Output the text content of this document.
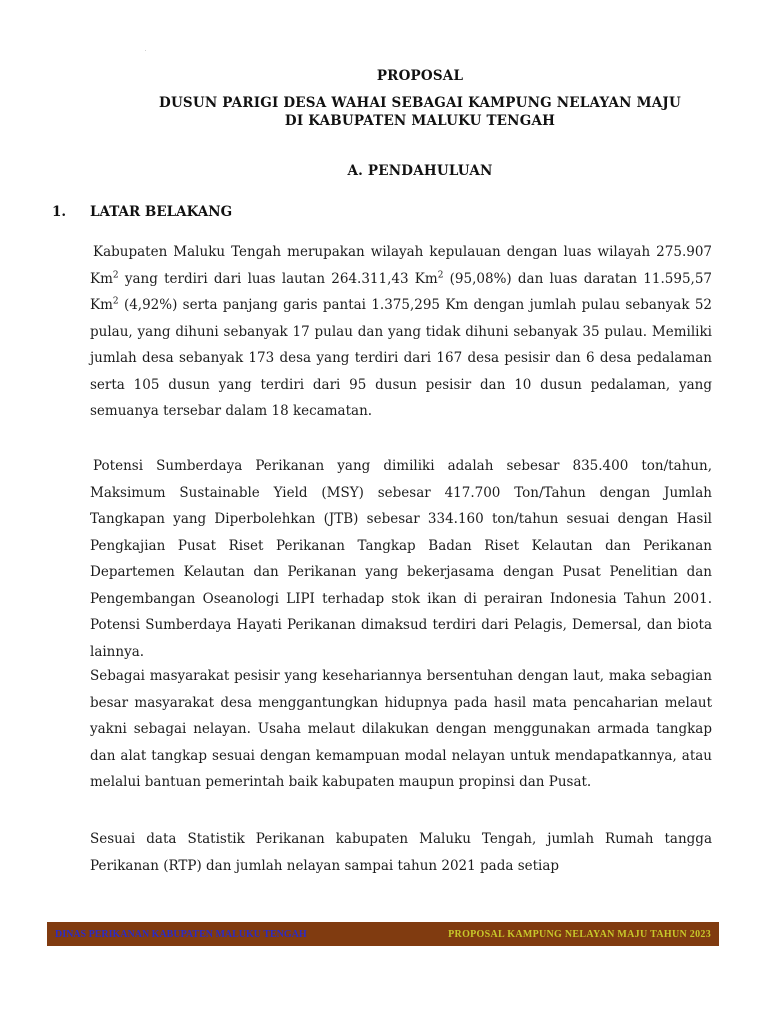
PROPOSAL
DUSUN PARIGI DESA WAHAI SEBAGAI KAMPUNG NELAYAN MAJU
DI KABUPATEN MALUKU TENGAH
A. PENDAHULUAN
1. LATAR BELAKANG

Kabupaten Maluku Tengah merupakan wilayah kepulauan dengan luas wilayah 275.907 Km$^2$ yang terdiri dari luas lautan 264.311,43 Km$^2$ (95,08%) dan luas daratan 11.595,57 Km$^2$ (4,92%) serta panjang garis pantai 1.375,295 Km dengan jumlah pulau sebanyak 52 pulau, yang dihuni sebanyak 17 pulau dan yang tidak dihuni sebanyak 35 pulau. Memiliki jumlah desa sebanyak 173 desa yang terdiri dari 167 desa pesisir dan 6 desa pedalaman serta 105 dusun yang terdiri dari 95 dusun pesisir dan 10 dusun pedalaman, yang semuanya tersebar dalam 18 kecamatan.

Potensi Sumberdaya Perikanan yang dimiliki adalah sebesar 835.400 ton/tahun, Maksimum Sustainable Yield (MSY) sebesar 417.700 Ton/Tahun dengan Jumlah Tangkapan yang Diperbolehkan (JTB) sebesar 334.160 ton/tahun sesuai dengan Hasil Pengkajian Pusat Riset Perikanan Tangkap Badan Riset Kelautan dan Perikanan Departemen Kelautan dan Perikanan yang bekerjasama dengan Pusat Penelitian dan Pengembangan Oseanologi LIPI terhadap stok ikan di perairan Indonesia Tahun 2001. Potensi Sumberdaya Hayati Perikanan dimaksud terdiri dari Pelagis, Demersal, dan biota lainnya.

Sebagai masyarakat pesisir yang kesehariannya bersentuhan dengan laut, maka sebagian besar masyarakat desa menggantungkan hidupnya pada hasil mata pencaharian melaut yakni sebagai nelayan. Usaha melaut dilakukan dengan menggunakan armada tangkap dan alat tangkap sesuai dengan kemampuan modal nelayan untuk mendapatkannya, atau melalui bantuan pemerintah baik kabupaten maupun propinsi dan Pusat.

Sesuai data Statistik Perikanan kabupaten Maluku Tengah, jumlah Rumah tangga Perikanan (RTP) dan jumlah nelayan sampai tahun 2021 pada setiap

DINAS PERIKANAN KABUPATEN MALUKU TENGAH	PROPOSAL KAMPUNG NELAYAN MAJU TAHUN 2023
